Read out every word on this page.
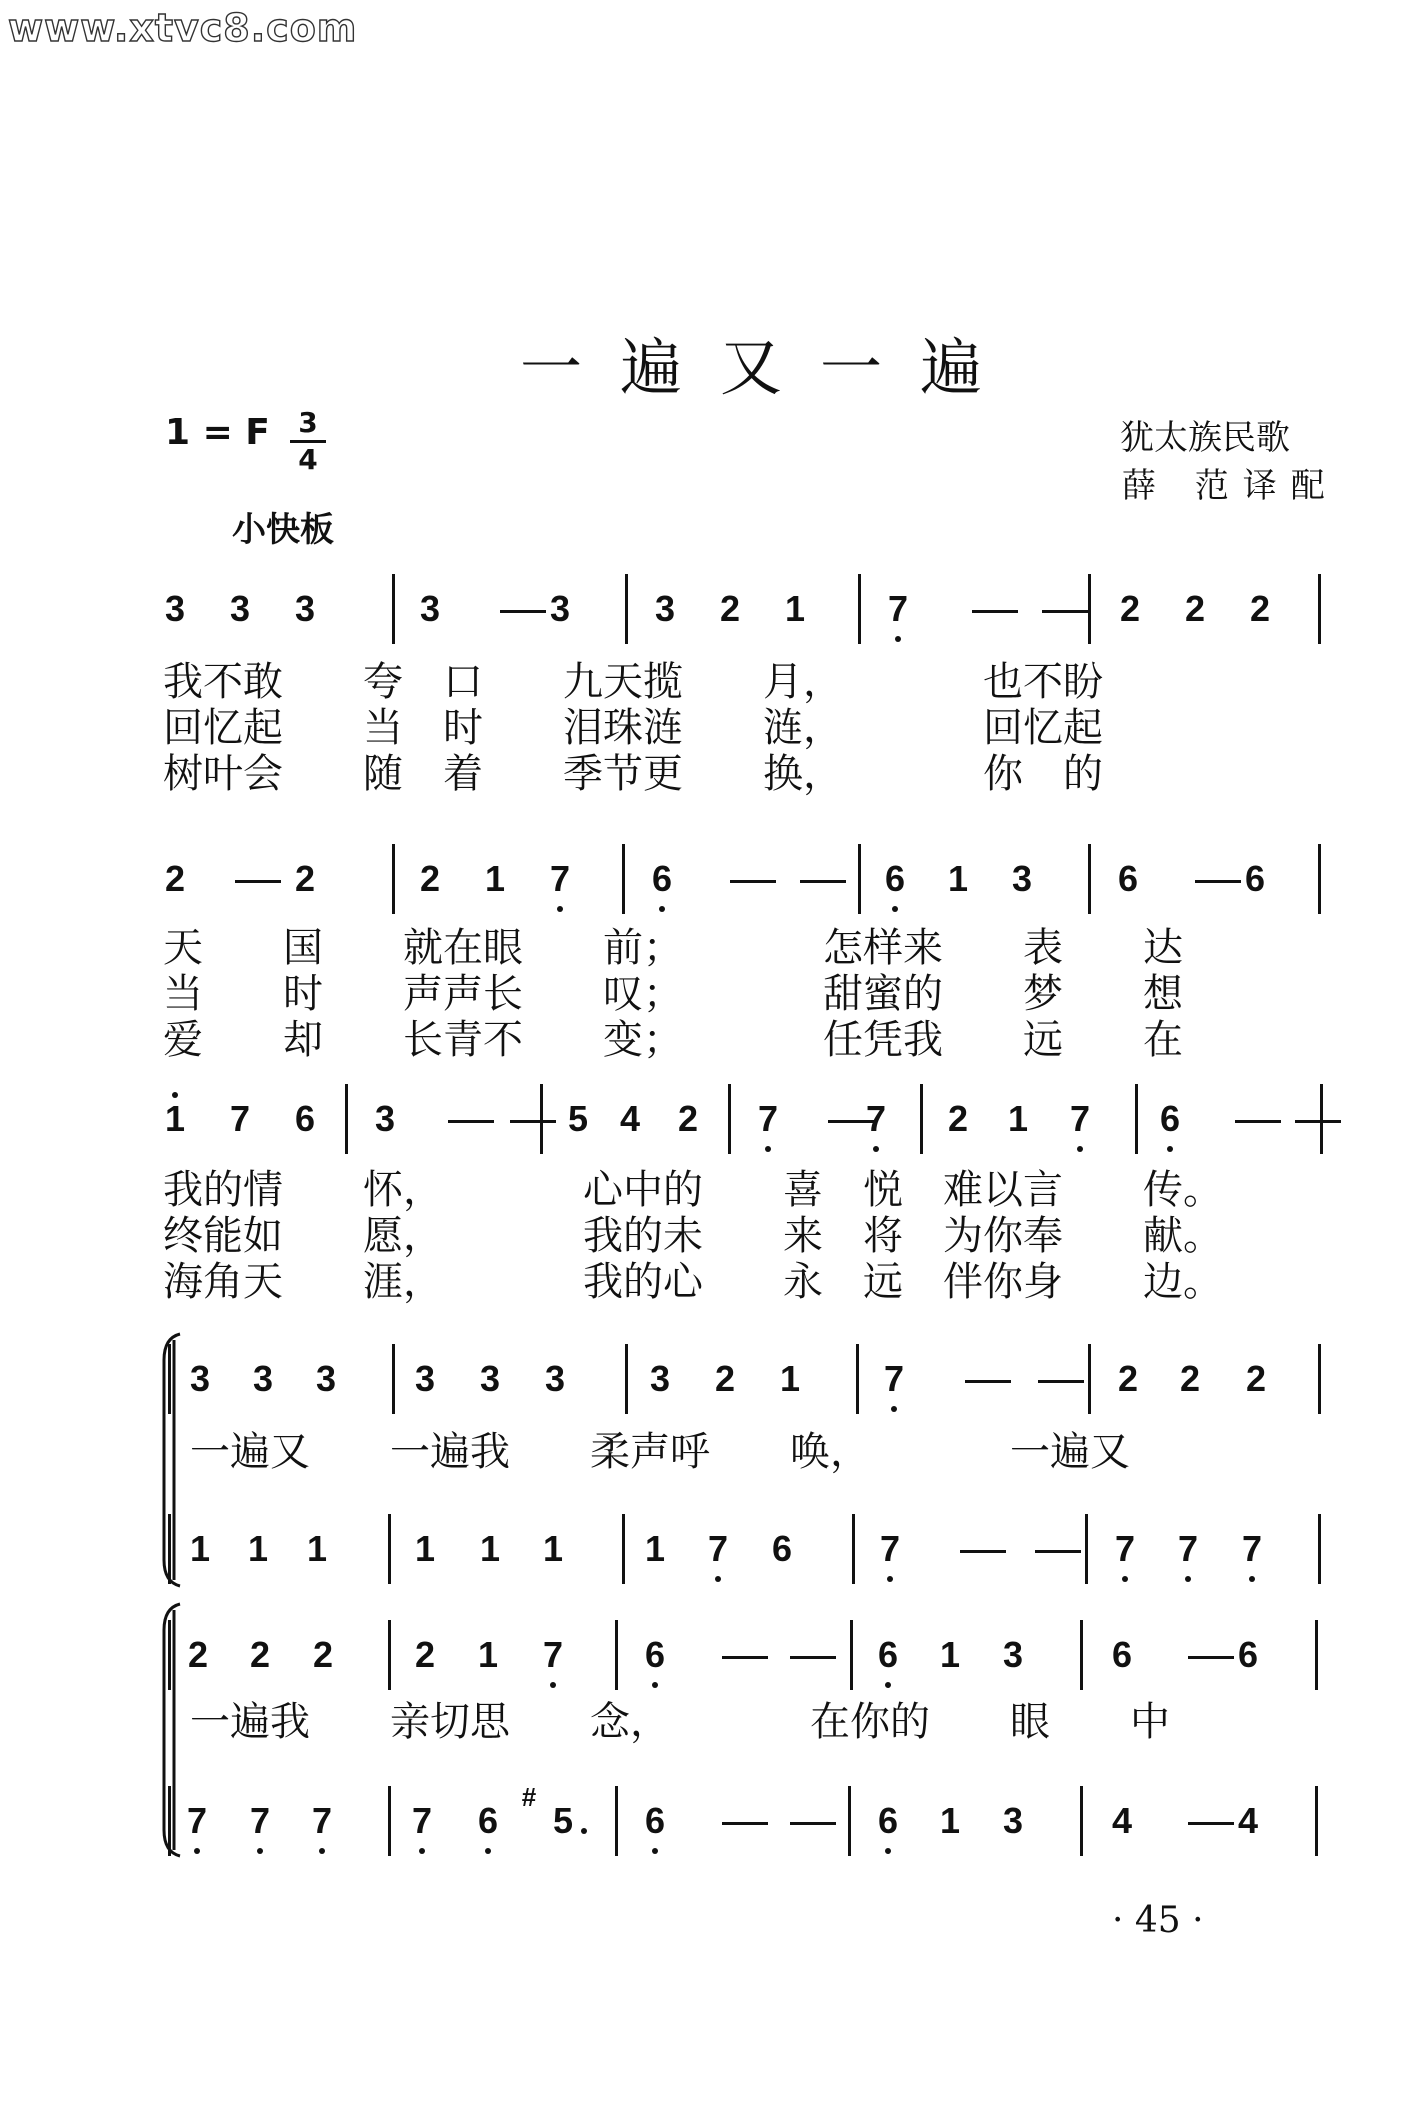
www.xtvc8.com
一遍又一遍
1 = F 3
4
小快板
犹太族民歌
薛 范译配
3 3 3	3	3 3 2 1 7	2 2 2
2	2	2 1 7 6	6 1 3 6	6
1 7 6 3	5 4 2 7 7 2 1 7 6
3 3 3 3 3 3 3 2 1 7	2 2 2
1 1 1 1 1 1 1 7 6 7	7 7 7
2 2 2 2 1 7 6	6 1 3 6	6
7 7 7 7 6 5
#
6	6 1 3 4	4
我不敢　　夸　口　　九天揽　　月，　　　　也不盼
回忆起　　当　时　　泪珠涟　　涟，　　　　回忆起
树叶会　　随　着　　季节更　　换，　　　　你　的
天　　国　　就在眼　　前；　　　　怎样来　　表　　达
当　　时　　声声长　　叹；　　　　甜蜜的　　梦　　想
爱　　却　　长青不　　变；　　　　任凭我　　远　　在
我的情　　怀，　　　　心中的　　喜　悦　难以言　　传。
终能如　　愿，　　　　我的未　　来　将　为你奉　　献。
海角天　　涯，　　　　我的心　　永　远　伴你身　　边。
一遍又　　一遍我　　柔声呼　　唤，　　　　一遍又
一遍我　　亲切思　　念，　　　　在你的　　眼　　中
· 45 ·
